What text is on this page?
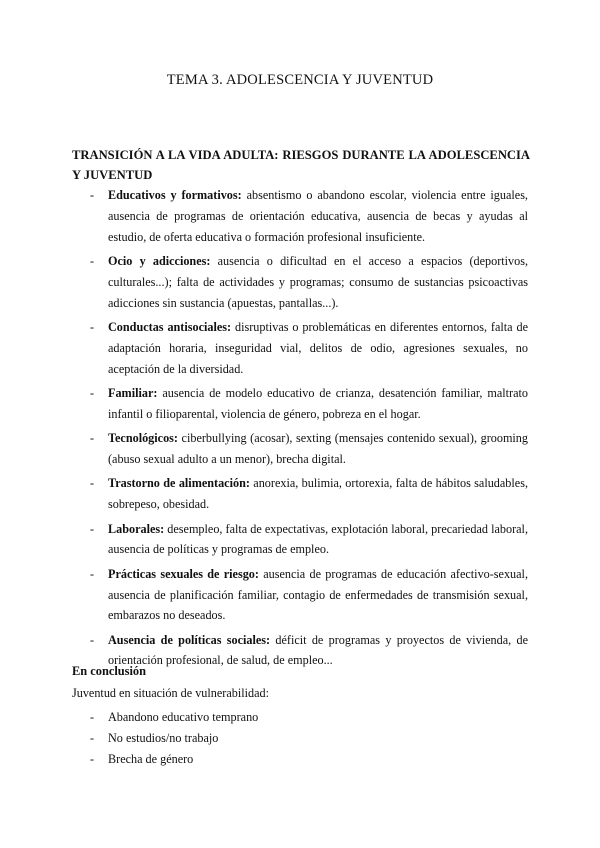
TEMA 3. ADOLESCENCIA Y JUVENTUD
TRANSICIÓN A LA VIDA ADULTA: RIESGOS DURANTE LA ADOLESCENCIA Y JUVENTUD
- Educativos y formativos: absentismo o abandono escolar, violencia entre iguales, ausencia de programas de orientación educativa, ausencia de becas y ayudas al estudio, de oferta educativa o formación profesional insuficiente.
- Ocio y adicciones: ausencia o dificultad en el acceso a espacios (deportivos, culturales...); falta de actividades y programas; consumo de sustancias psicoactivas adicciones sin sustancia (apuestas, pantallas...).
- Conductas antisociales: disruptivas o problemáticas en diferentes entornos, falta de adaptación horaria, inseguridad vial, delitos de odio, agresiones sexuales, no aceptación de la diversidad.
- Familiar: ausencia de modelo educativo de crianza, desatención familiar, maltrato infantil o filioparental, violencia de género, pobreza en el hogar.
- Tecnológicos: ciberbullying (acosar), sexting (mensajes contenido sexual), grooming (abuso sexual adulto a un menor), brecha digital.
- Trastorno de alimentación: anorexia, bulimia, ortorexia, falta de hábitos saludables, sobrepeso, obesidad.
- Laborales: desempleo, falta de expectativas, explotación laboral, precariedad laboral, ausencia de políticas y programas de empleo.
- Prácticas sexuales de riesgo: ausencia de programas de educación afectivo-sexual, ausencia de planificación familiar, contagio de enfermedades de transmisión sexual, embarazos no deseados.
- Ausencia de políticas sociales: déficit de programas y proyectos de vivienda, de orientación profesional, de salud, de empleo...
En conclusión
Juventud en situación de vulnerabilidad:
- Abandono educativo temprano
- No estudios/no trabajo
- Brecha de género
